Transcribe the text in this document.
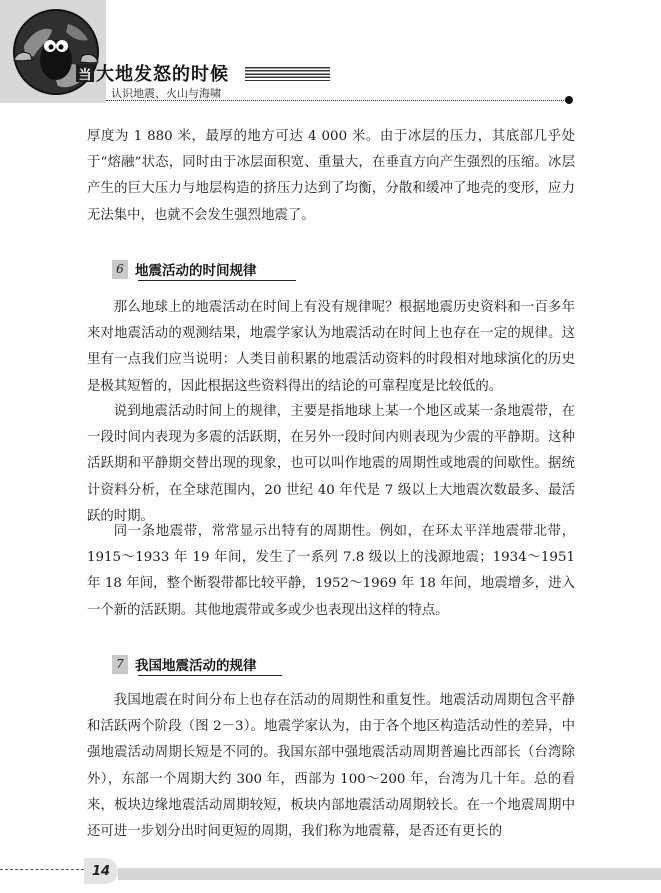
当 大地发怒的时候
认识地震、火山与海啸

厚度为 1 880 米，最厚的地方可达 4 000 米。由于冰层的压力，其底部几乎处于“熔融”状态，同时由于冰层面积宽、重量大，在垂直方向产生强烈的压缩。冰层产生的巨大压力与地层构造的挤压力达到了均衡，分散和缓冲了地壳的变形，应力无法集中，也就不会发生强烈地震了。

6 地震活动的时间规律

那么地球上的地震活动在时间上有没有规律呢？根据地震历史资料和一百多年来对地震活动的观测结果，地震学家认为地震活动在时间上也存在一定的规律。这里有一点我们应当说明：人类目前积累的地震活动资料的时段相对地球演化的历史是极其短暂的，因此根据这些资料得出的结论的可靠程度是比较低的。

说到地震活动时间上的规律，主要是指地球上某一个地区或某一条地震带，在一段时间内表现为多震的活跃期，在另外一段时间内则表现为少震的平静期。这种活跃期和平静期交替出现的现象，也可以叫作地震的周期性或地震的间歇性。据统计资料分析，在全球范围内，20 世纪 40 年代是 7 级以上大地震次数最多、最活跃的时期。

同一条地震带，常常显示出特有的周期性。例如，在环太平洋地震带北带，1915～1933 年 19 年间，发生了一系列 7.8 级以上的浅源地震；1934～1951 年 18 年间，整个断裂带都比较平静，1952～1969 年 18 年间，地震增多，进入一个新的活跃期。其他地震带或多或少也表现出这样的特点。

7 我国地震活动的规律

我国地震在时间分布上也存在活动的周期性和重复性。地震活动周期包含平静和活跃两个阶段（图 2－3）。地震学家认为，由于各个地区构造活动性的差异，中强地震活动周期长短是不同的。我国东部中强地震活动周期普遍比西部长（台湾除外），东部一个周期大约 300 年，西部为 100～200 年，台湾为几十年。总的看来，板块边缘地震活动周期较短，板块内部地震活动周期较长。在一个地震周期中还可进一步划分出时间更短的周期，我们称为地震幕，是否还有更长的

14
